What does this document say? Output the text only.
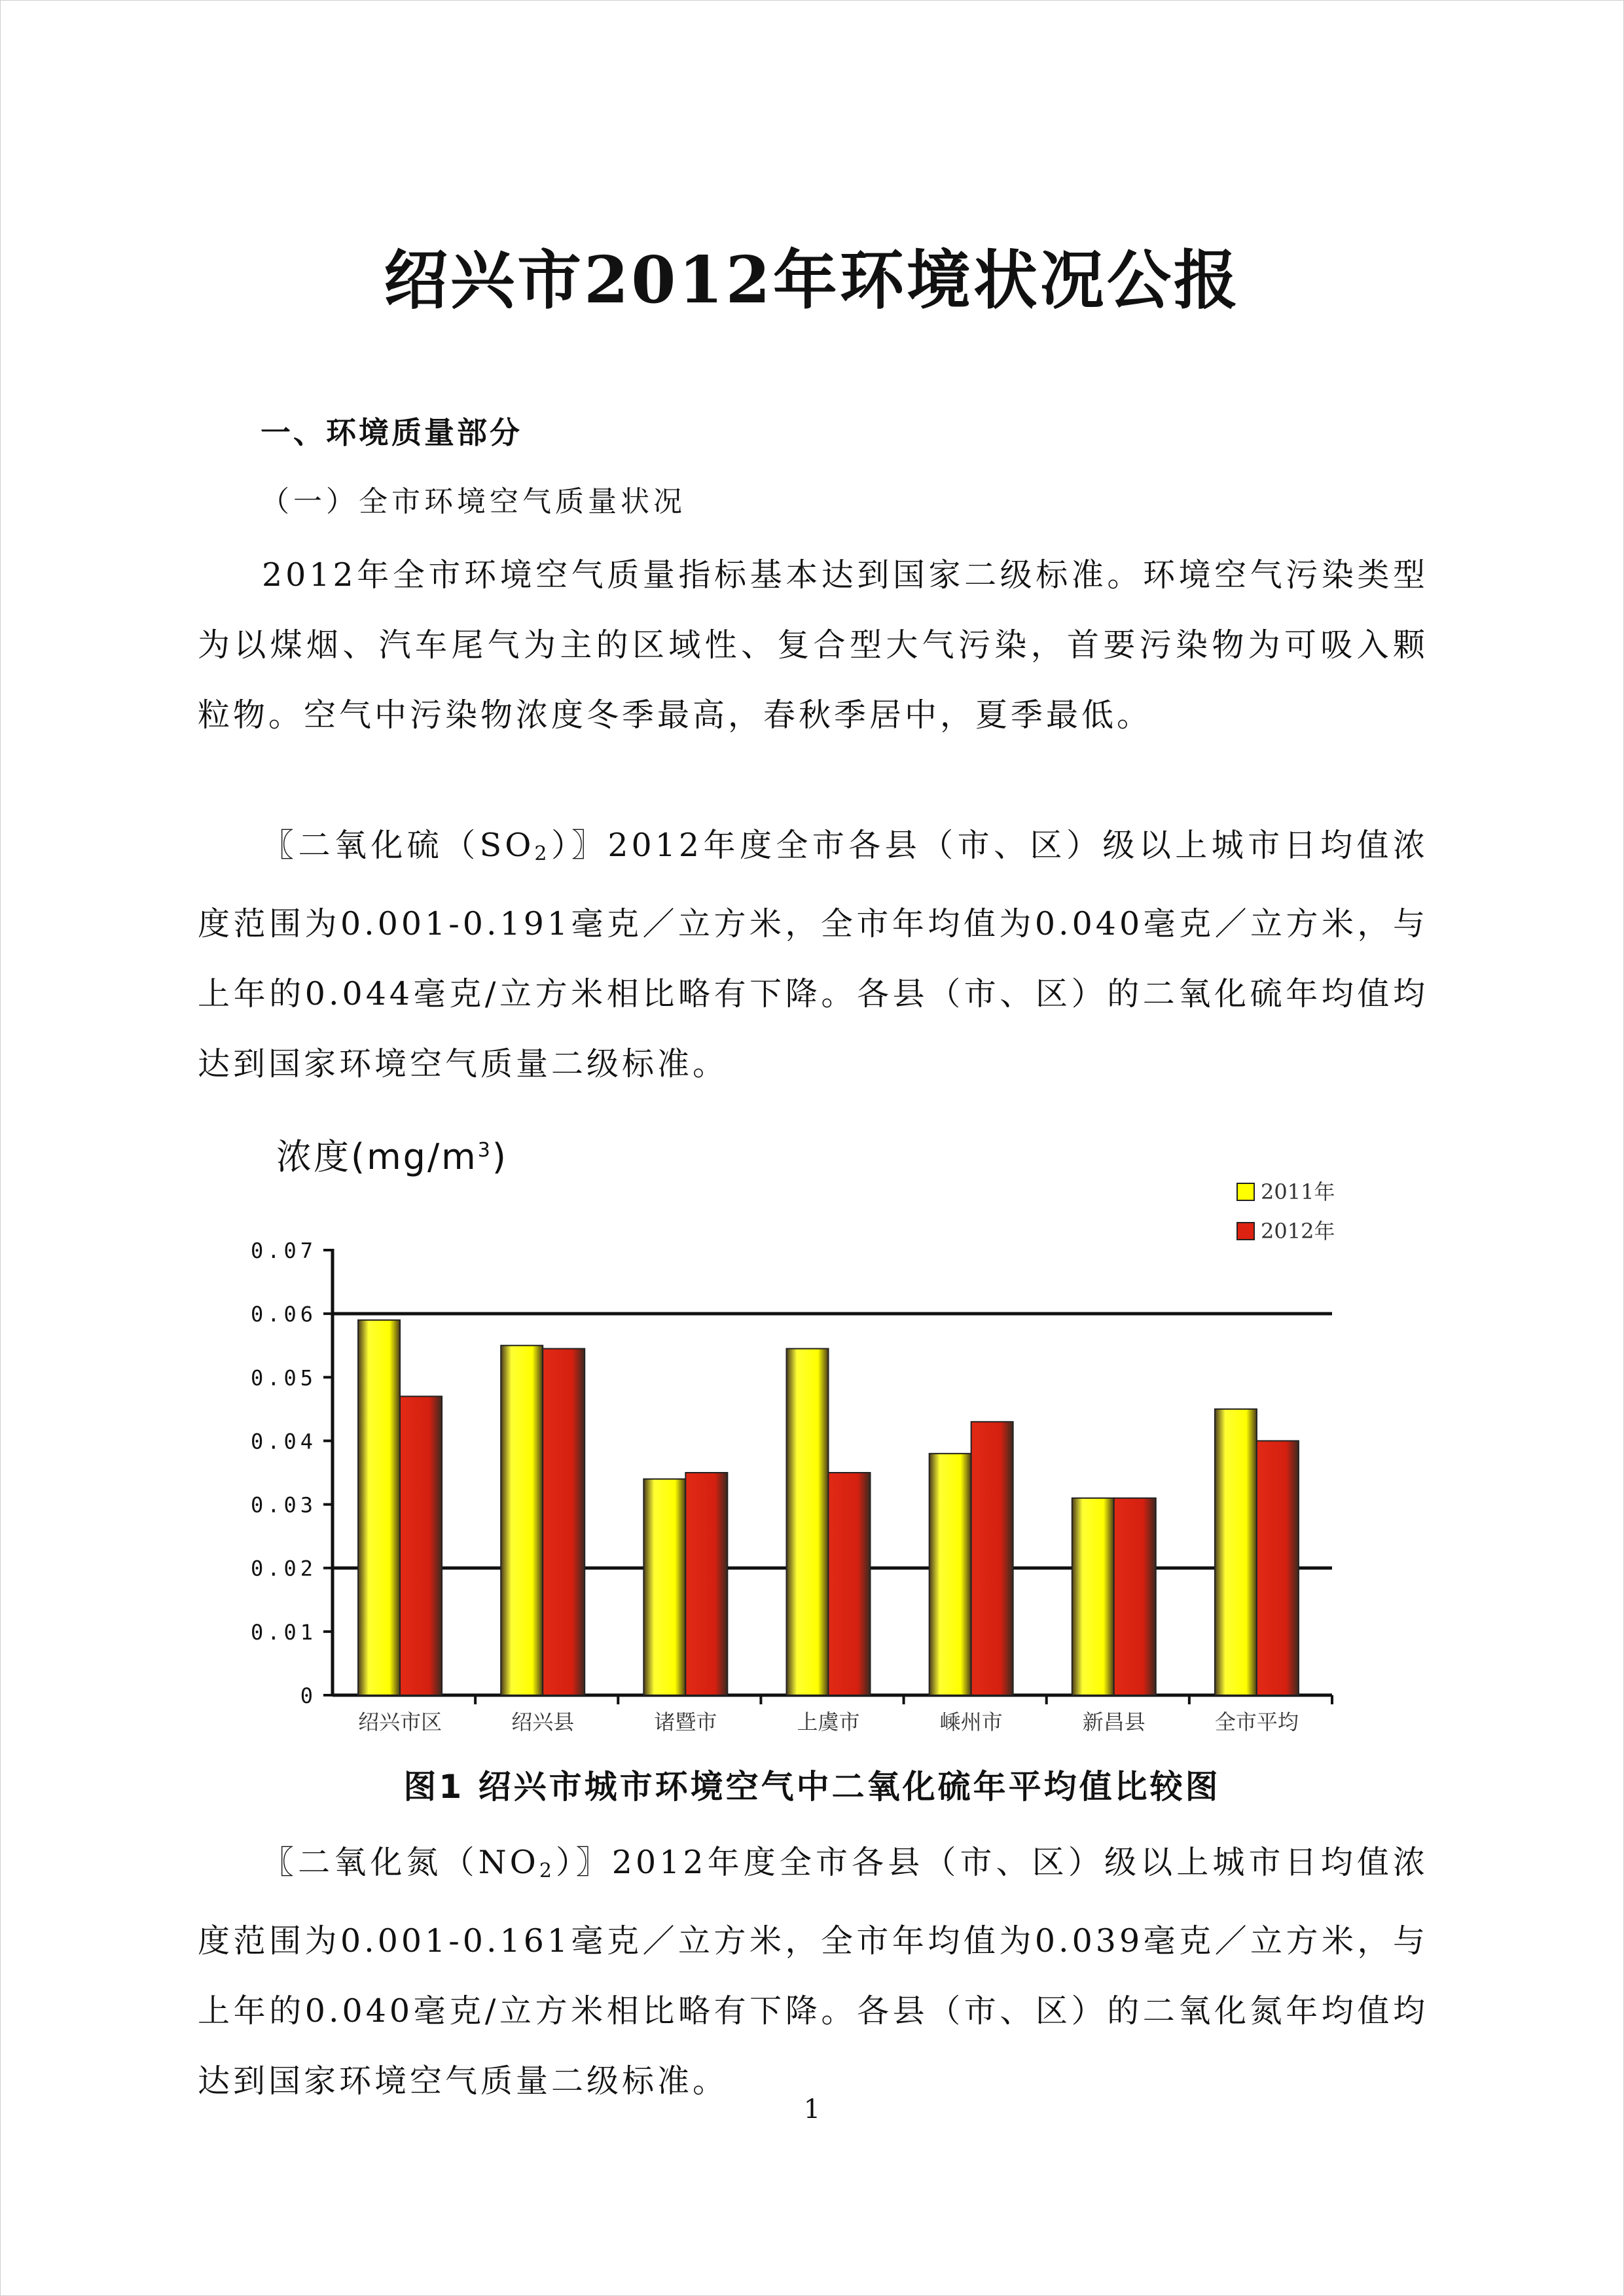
绍兴市2012年环境状况公报
一、环境质量部分
（一）全市环境空气质量状况

2012年全市环境空气质量指标基本达到国家二级标准。环境空气污染类型为以煤烟、汽车尾气为主的区域性、复合型大气污染，首要污染物为可吸入颗粒物。空气中污染物浓度冬季最高，春秋季居中，夏季最低。

〖二氧化硫$(SO_2)$〗2012年度全市各县（市、区）级以上城市日均值浓度范围为0.001-0.191毫克／立方米，全市年均值为0.040毫克／立方米，与上年的0.044毫克/立方米相比略有下降。各县（市、区）的二氧化硫年均值均达到国家环境空气质量二级标准。

浓度$(mg/m^3)$
0
0.01
0.02
0.03
0.04
0.05
0.06
0.07
绍兴市区	绍兴县	诸暨市	上虞市	嵊州市	新昌县	全市平均
2011年
2012年
图1 绍兴市城市环境空气中二氧化硫年平均值比较图

〖二氧化氮$(NO_2)$〗2012年度全市各县（市、区）级以上城市日均值浓度范围为0.001-0.161毫克／立方米，全市年均值为0.039毫克／立方米，与上年的0.040毫克/立方米相比略有下降。各县（市、区）的二氧化氮年均值均达到国家环境空气质量二级标准。

1
